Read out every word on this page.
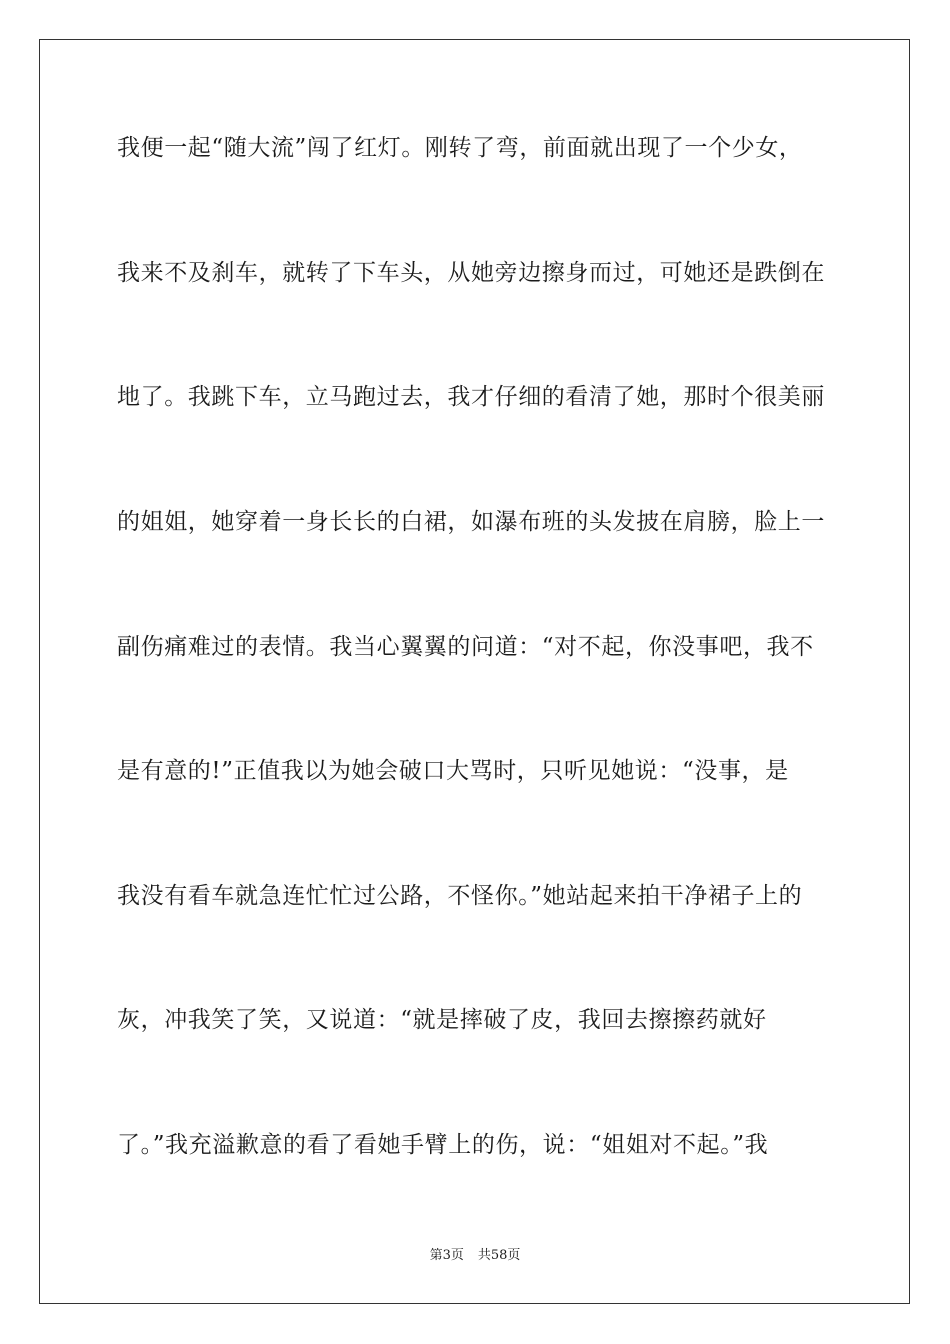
我便一起“随大流”闯了红灯。刚转了弯，前面就出现了一个少女，
我来不及刹车，就转了下车头，从她旁边擦身而过，可她还是跌倒在
地了。我跳下车，立马跑过去，我才仔细的看清了她，那时个很美丽
的姐姐，她穿着一身长长的白裙，如瀑布班的头发披在肩膀，脸上一
副伤痛难过的表情。我当心翼翼的问道：“对不起，你没事吧，我不
是有意的!”正值我以为她会破口大骂时，只听见她说：“没事，是
我没有看车就急连忙忙过公路，不怪你。”她站起来拍干净裙子上的
灰，冲我笑了笑，又说道：“就是摔破了皮，我回去擦擦药就好
了。”我充溢歉意的看了看她手臂上的伤，说：“姐姐对不起。”我
第3页 共58页
